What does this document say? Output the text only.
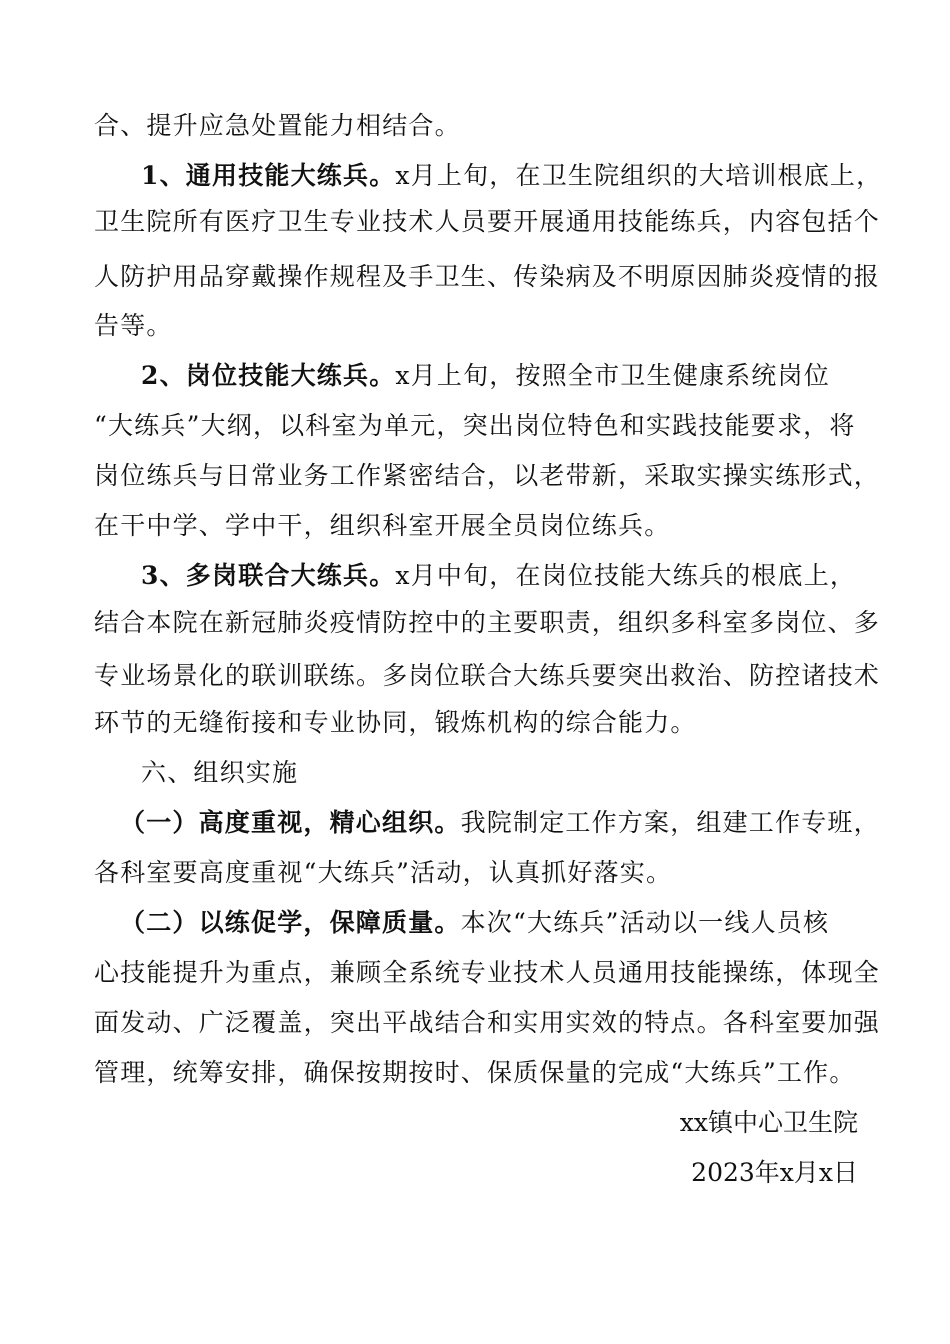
合、提升应急处置能力相结合。
1、通用技能大练兵。x月上旬，在卫生院组织的大培训根底上，
卫生院所有医疗卫生专业技术人员要开展通用技能练兵，内容包括个
人防护用品穿戴操作规程及手卫生、传染病及不明原因肺炎疫情的报
告等。
2、岗位技能大练兵。x月上旬，按照全市卫生健康系统岗位
“大练兵”大纲，以科室为单元，突出岗位特色和实践技能要求，将
岗位练兵与日常业务工作紧密结合，以老带新，采取实操实练形式，
在干中学、学中干，组织科室开展全员岗位练兵。
3、多岗联合大练兵。x月中旬，在岗位技能大练兵的根底上，
结合本院在新冠肺炎疫情防控中的主要职责，组织多科室多岗位、多
专业场景化的联训联练。多岗位联合大练兵要突出救治、防控诸技术
环节的无缝衔接和专业协同，锻炼机构的综合能力。
六、组织实施
（一）高度重视，精心组织。我院制定工作方案，组建工作专班，
各科室要高度重视“大练兵”活动，认真抓好落实。
（二）以练促学，保障质量。本次“大练兵”活动以一线人员核
心技能提升为重点，兼顾全系统专业技术人员通用技能操练，体现全
面发动、广泛覆盖，突出平战结合和实用实效的特点。各科室要加强
管理，统筹安排，确保按期按时、保质保量的完成“大练兵”工作。
xx镇中心卫生院
2023年x月x日
